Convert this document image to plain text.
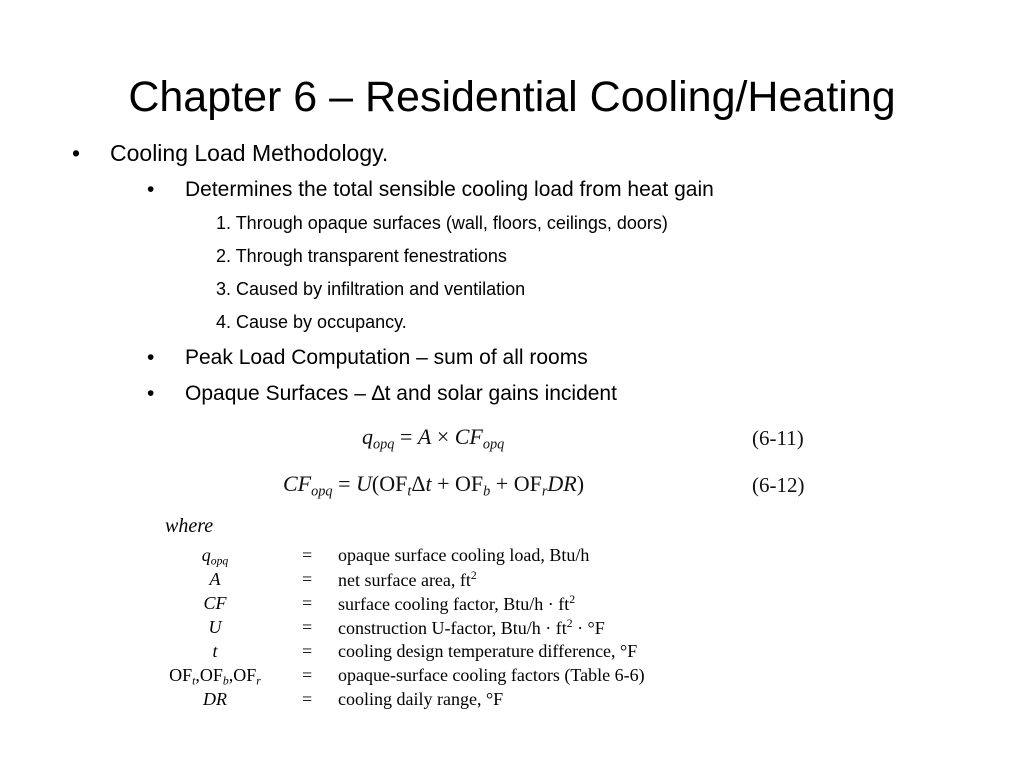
Chapter 6 – Residential Cooling/Heating
• Cooling Load Methodology.
• Determines the total sensible cooling load from heat gain
1. Through opaque surfaces (wall, floors, ceilings, doors)
2. Through transparent fenestrations
3. Caused by infiltration and ventilation
4. Cause by occupancy.
• Peak Load Computation – sum of all rooms
• Opaque Surfaces – ∆t and solar gains incident
$q_{opq} = A \times CF_{opq}$	(6-11)
$CF_{opq} = U(OF_t\Delta t + OF_b + OF_rDR)$	(6-12)
where
$q_{opq}$	= opaque surface cooling load, Btu/h
A	= net surface area, $ft^2$
CF	= surface cooling factor, $Btu/h \cdot ft^2$
U	= construction U-factor, $Btu/h \cdot ft^2 \cdot ^\circ F$
t	= cooling design temperature difference, °F
$OF_t,OF_b,OF_r$	= opaque-surface cooling factors (Table 6-6)
DR	= cooling daily range, °F
